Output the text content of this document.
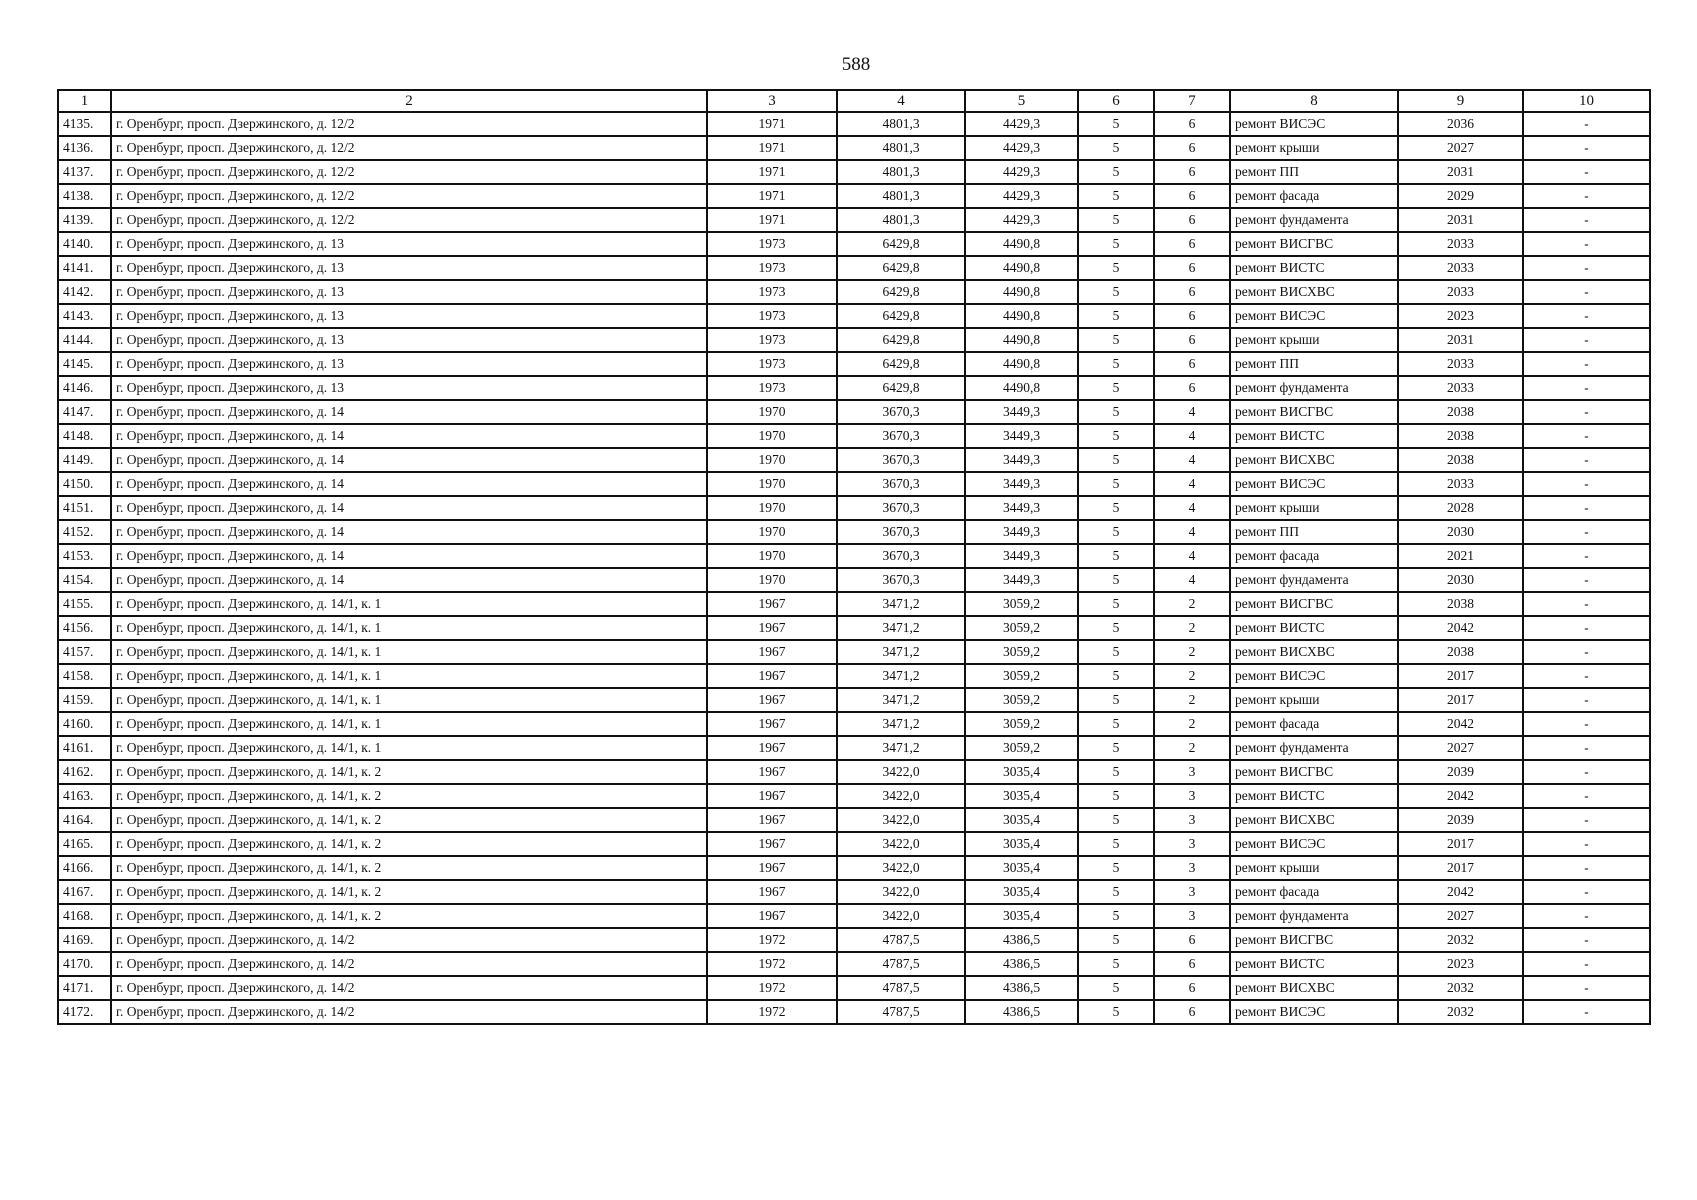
588
1	2	3	4	5	6	7	8	9	10
4135.	г. Оренбург, просп. Дзержинского, д. 12/2	1971	4801,3	4429,3	5	6	ремонт ВИСЭС	2036	-
4136.	г. Оренбург, просп. Дзержинского, д. 12/2	1971	4801,3	4429,3	5	6	ремонт крыши	2027	-
4137.	г. Оренбург, просп. Дзержинского, д. 12/2	1971	4801,3	4429,3	5	6	ремонт ПП	2031	-
4138.	г. Оренбург, просп. Дзержинского, д. 12/2	1971	4801,3	4429,3	5	6	ремонт фасада	2029	-
4139.	г. Оренбург, просп. Дзержинского, д. 12/2	1971	4801,3	4429,3	5	6	ремонт фундамента	2031	-
4140.	г. Оренбург, просп. Дзержинского, д. 13	1973	6429,8	4490,8	5	6	ремонт ВИСГВС	2033	-
4141.	г. Оренбург, просп. Дзержинского, д. 13	1973	6429,8	4490,8	5	6	ремонт ВИСТС	2033	-
4142.	г. Оренбург, просп. Дзержинского, д. 13	1973	6429,8	4490,8	5	6	ремонт ВИСХВС	2033	-
4143.	г. Оренбург, просп. Дзержинского, д. 13	1973	6429,8	4490,8	5	6	ремонт ВИСЭС	2023	-
4144.	г. Оренбург, просп. Дзержинского, д. 13	1973	6429,8	4490,8	5	6	ремонт крыши	2031	-
4145.	г. Оренбург, просп. Дзержинского, д. 13	1973	6429,8	4490,8	5	6	ремонт ПП	2033	-
4146.	г. Оренбург, просп. Дзержинского, д. 13	1973	6429,8	4490,8	5	6	ремонт фундамента	2033	-
4147.	г. Оренбург, просп. Дзержинского, д. 14	1970	3670,3	3449,3	5	4	ремонт ВИСГВС	2038	-
4148.	г. Оренбург, просп. Дзержинского, д. 14	1970	3670,3	3449,3	5	4	ремонт ВИСТС	2038	-
4149.	г. Оренбург, просп. Дзержинского, д. 14	1970	3670,3	3449,3	5	4	ремонт ВИСХВС	2038	-
4150.	г. Оренбург, просп. Дзержинского, д. 14	1970	3670,3	3449,3	5	4	ремонт ВИСЭС	2033	-
4151.	г. Оренбург, просп. Дзержинского, д. 14	1970	3670,3	3449,3	5	4	ремонт крыши	2028	-
4152.	г. Оренбург, просп. Дзержинского, д. 14	1970	3670,3	3449,3	5	4	ремонт ПП	2030	-
4153.	г. Оренбург, просп. Дзержинского, д. 14	1970	3670,3	3449,3	5	4	ремонт фасада	2021	-
4154.	г. Оренбург, просп. Дзержинского, д. 14	1970	3670,3	3449,3	5	4	ремонт фундамента	2030	-
4155.	г. Оренбург, просп. Дзержинского, д. 14/1, к. 1	1967	3471,2	3059,2	5	2	ремонт ВИСГВС	2038	-
4156.	г. Оренбург, просп. Дзержинского, д. 14/1, к. 1	1967	3471,2	3059,2	5	2	ремонт ВИСТС	2042	-
4157.	г. Оренбург, просп. Дзержинского, д. 14/1, к. 1	1967	3471,2	3059,2	5	2	ремонт ВИСХВС	2038	-
4158.	г. Оренбург, просп. Дзержинского, д. 14/1, к. 1	1967	3471,2	3059,2	5	2	ремонт ВИСЭС	2017	-
4159.	г. Оренбург, просп. Дзержинского, д. 14/1, к. 1	1967	3471,2	3059,2	5	2	ремонт крыши	2017	-
4160.	г. Оренбург, просп. Дзержинского, д. 14/1, к. 1	1967	3471,2	3059,2	5	2	ремонт фасада	2042	-
4161.	г. Оренбург, просп. Дзержинского, д. 14/1, к. 1	1967	3471,2	3059,2	5	2	ремонт фундамента	2027	-
4162.	г. Оренбург, просп. Дзержинского, д. 14/1, к. 2	1967	3422,0	3035,4	5	3	ремонт ВИСГВС	2039	-
4163.	г. Оренбург, просп. Дзержинского, д. 14/1, к. 2	1967	3422,0	3035,4	5	3	ремонт ВИСТС	2042	-
4164.	г. Оренбург, просп. Дзержинского, д. 14/1, к. 2	1967	3422,0	3035,4	5	3	ремонт ВИСХВС	2039	-
4165.	г. Оренбург, просп. Дзержинского, д. 14/1, к. 2	1967	3422,0	3035,4	5	3	ремонт ВИСЭС	2017	-
4166.	г. Оренбург, просп. Дзержинского, д. 14/1, к. 2	1967	3422,0	3035,4	5	3	ремонт крыши	2017	-
4167.	г. Оренбург, просп. Дзержинского, д. 14/1, к. 2	1967	3422,0	3035,4	5	3	ремонт фасада	2042	-
4168.	г. Оренбург, просп. Дзержинского, д. 14/1, к. 2	1967	3422,0	3035,4	5	3	ремонт фундамента	2027	-
4169.	г. Оренбург, просп. Дзержинского, д. 14/2	1972	4787,5	4386,5	5	6	ремонт ВИСГВС	2032	-
4170.	г. Оренбург, просп. Дзержинского, д. 14/2	1972	4787,5	4386,5	5	6	ремонт ВИСТС	2023	-
4171.	г. Оренбург, просп. Дзержинского, д. 14/2	1972	4787,5	4386,5	5	6	ремонт ВИСХВС	2032	-
4172.	г. Оренбург, просп. Дзержинского, д. 14/2	1972	4787,5	4386,5	5	6	ремонт ВИСЭС	2032	-
